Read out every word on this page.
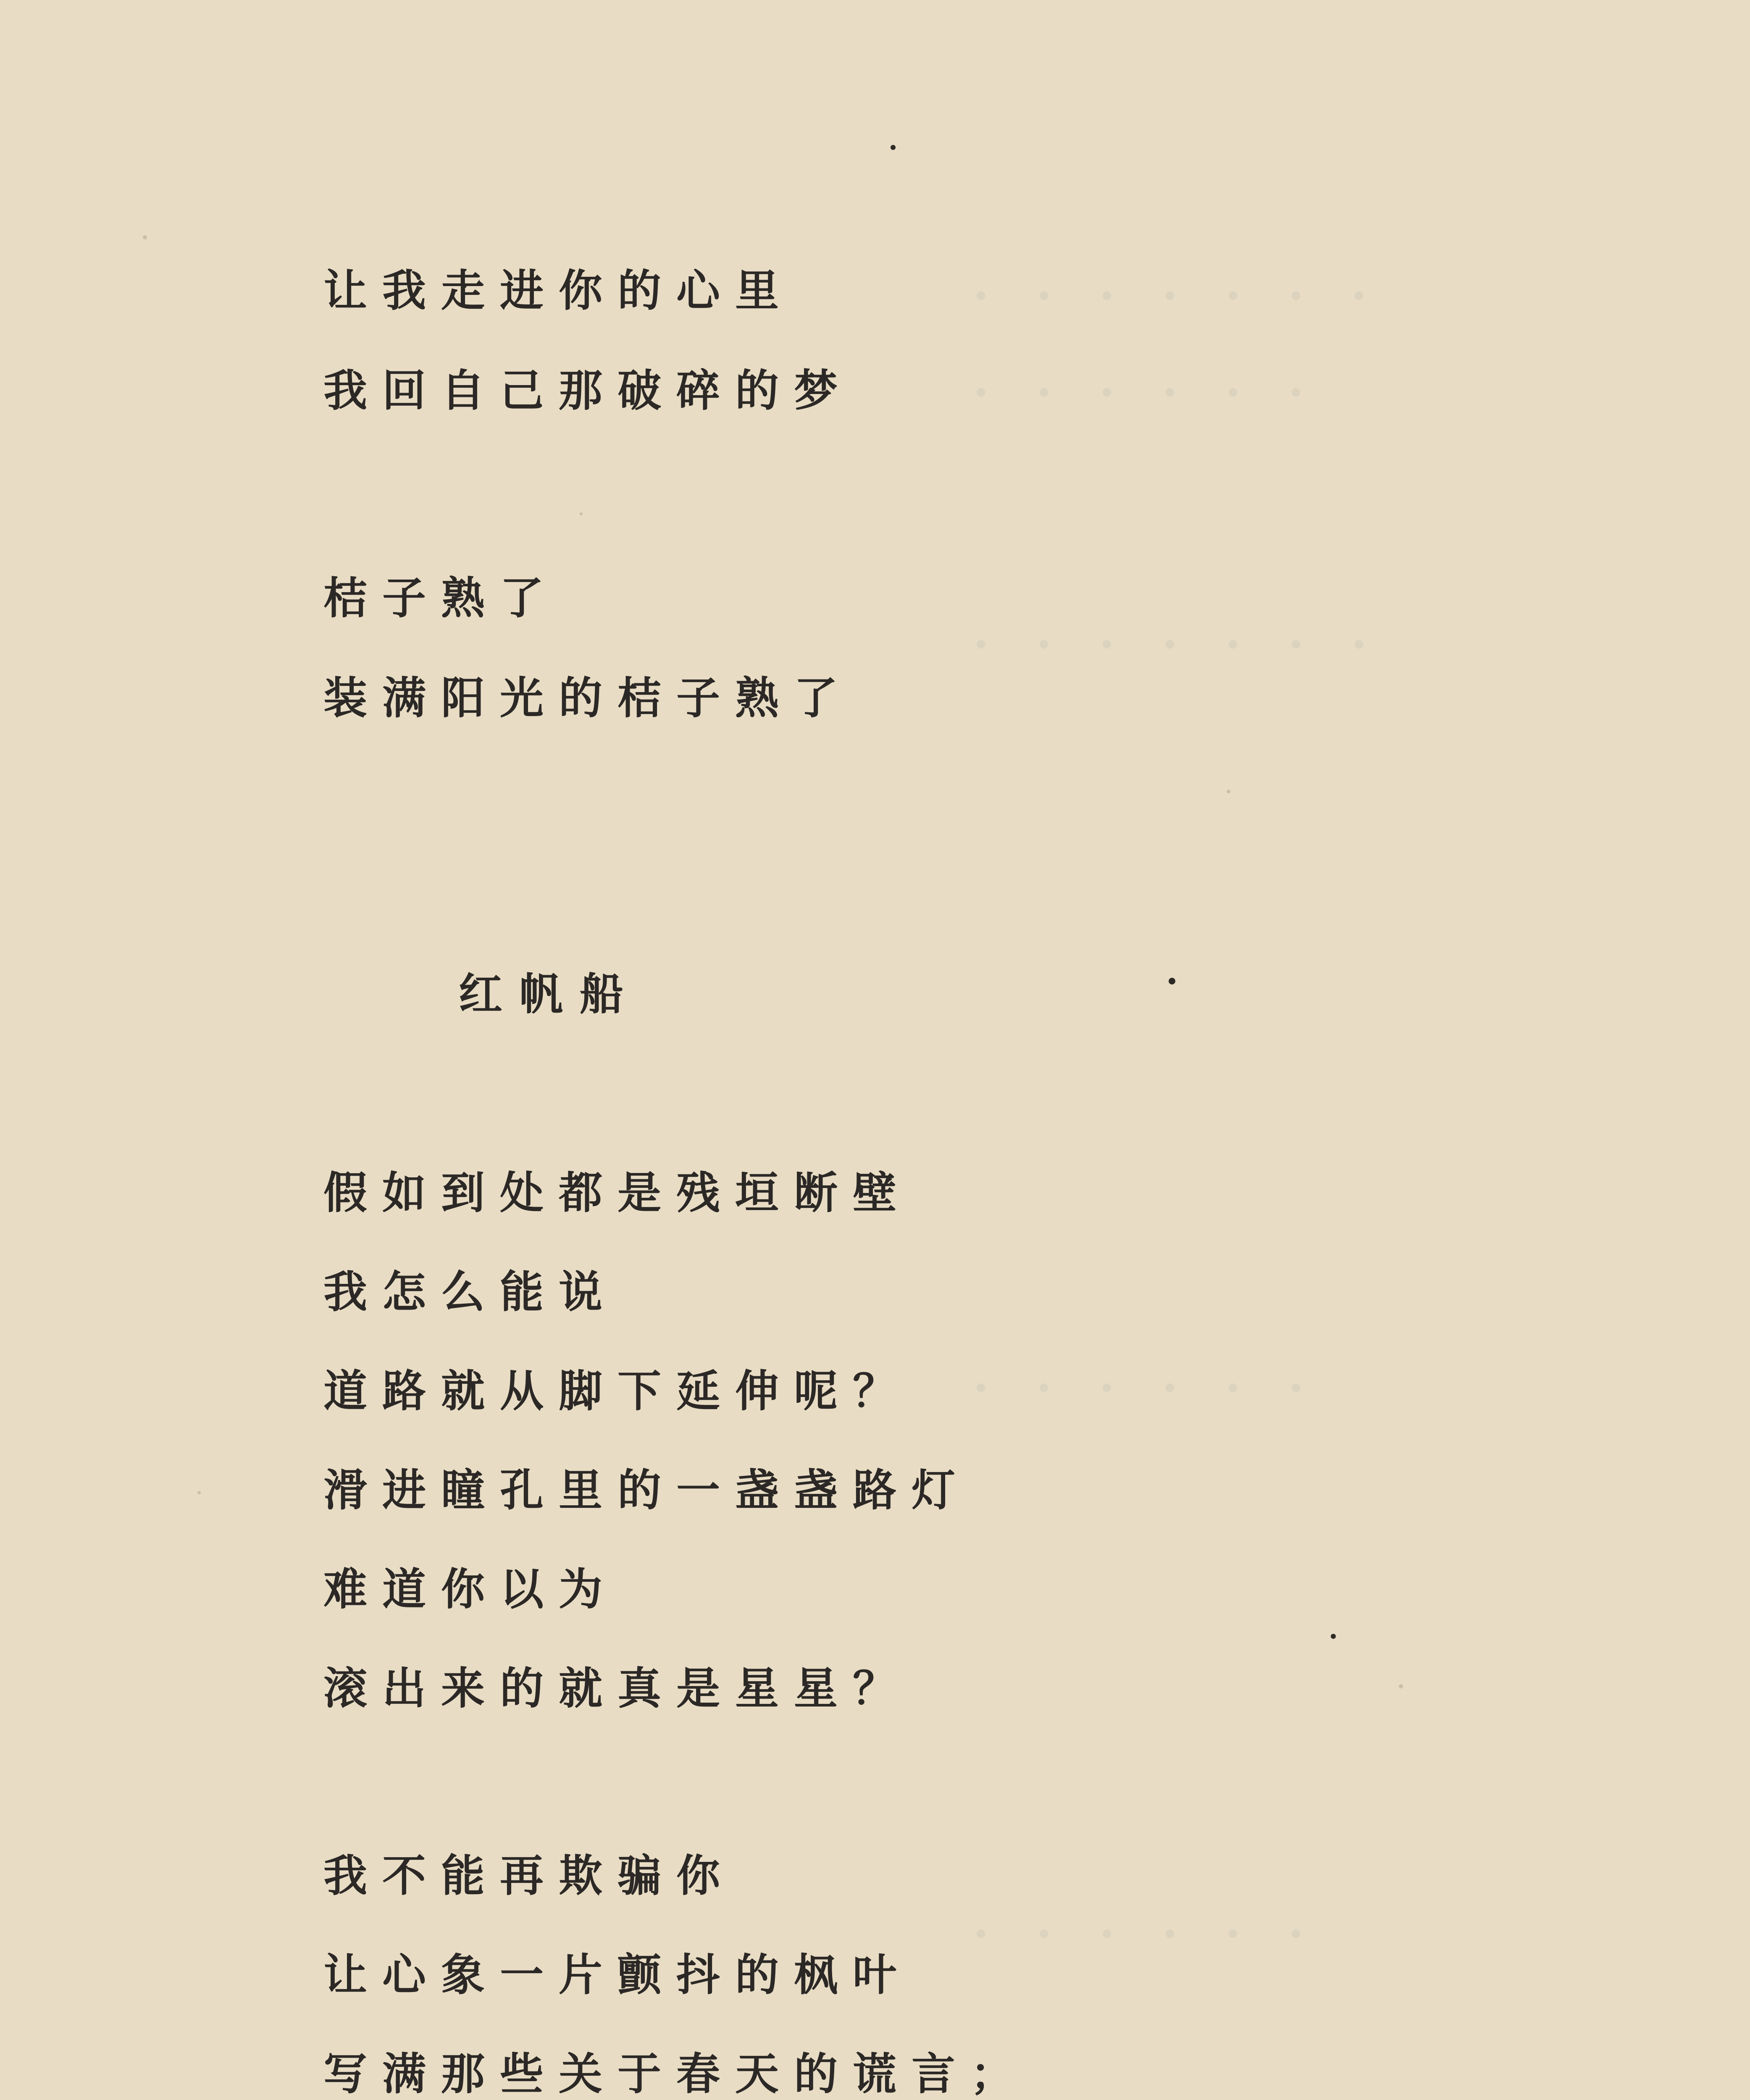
・・・・・・・
・・・・・・
・・・・・・・
・・・・・・
・・・・・・
让我走进你的心里
我回自己那破碎的梦
桔子熟了
装满阳光的桔子熟了
红帆船
假如到处都是残垣断壁
我怎么能说
道路就从脚下延伸呢？
滑进瞳孔里的一盏盏路灯
难道你以为
滚出来的就真是星星？
我不能再欺骗你
让心象一片颤抖的枫叶
写满那些关于春天的谎言；
